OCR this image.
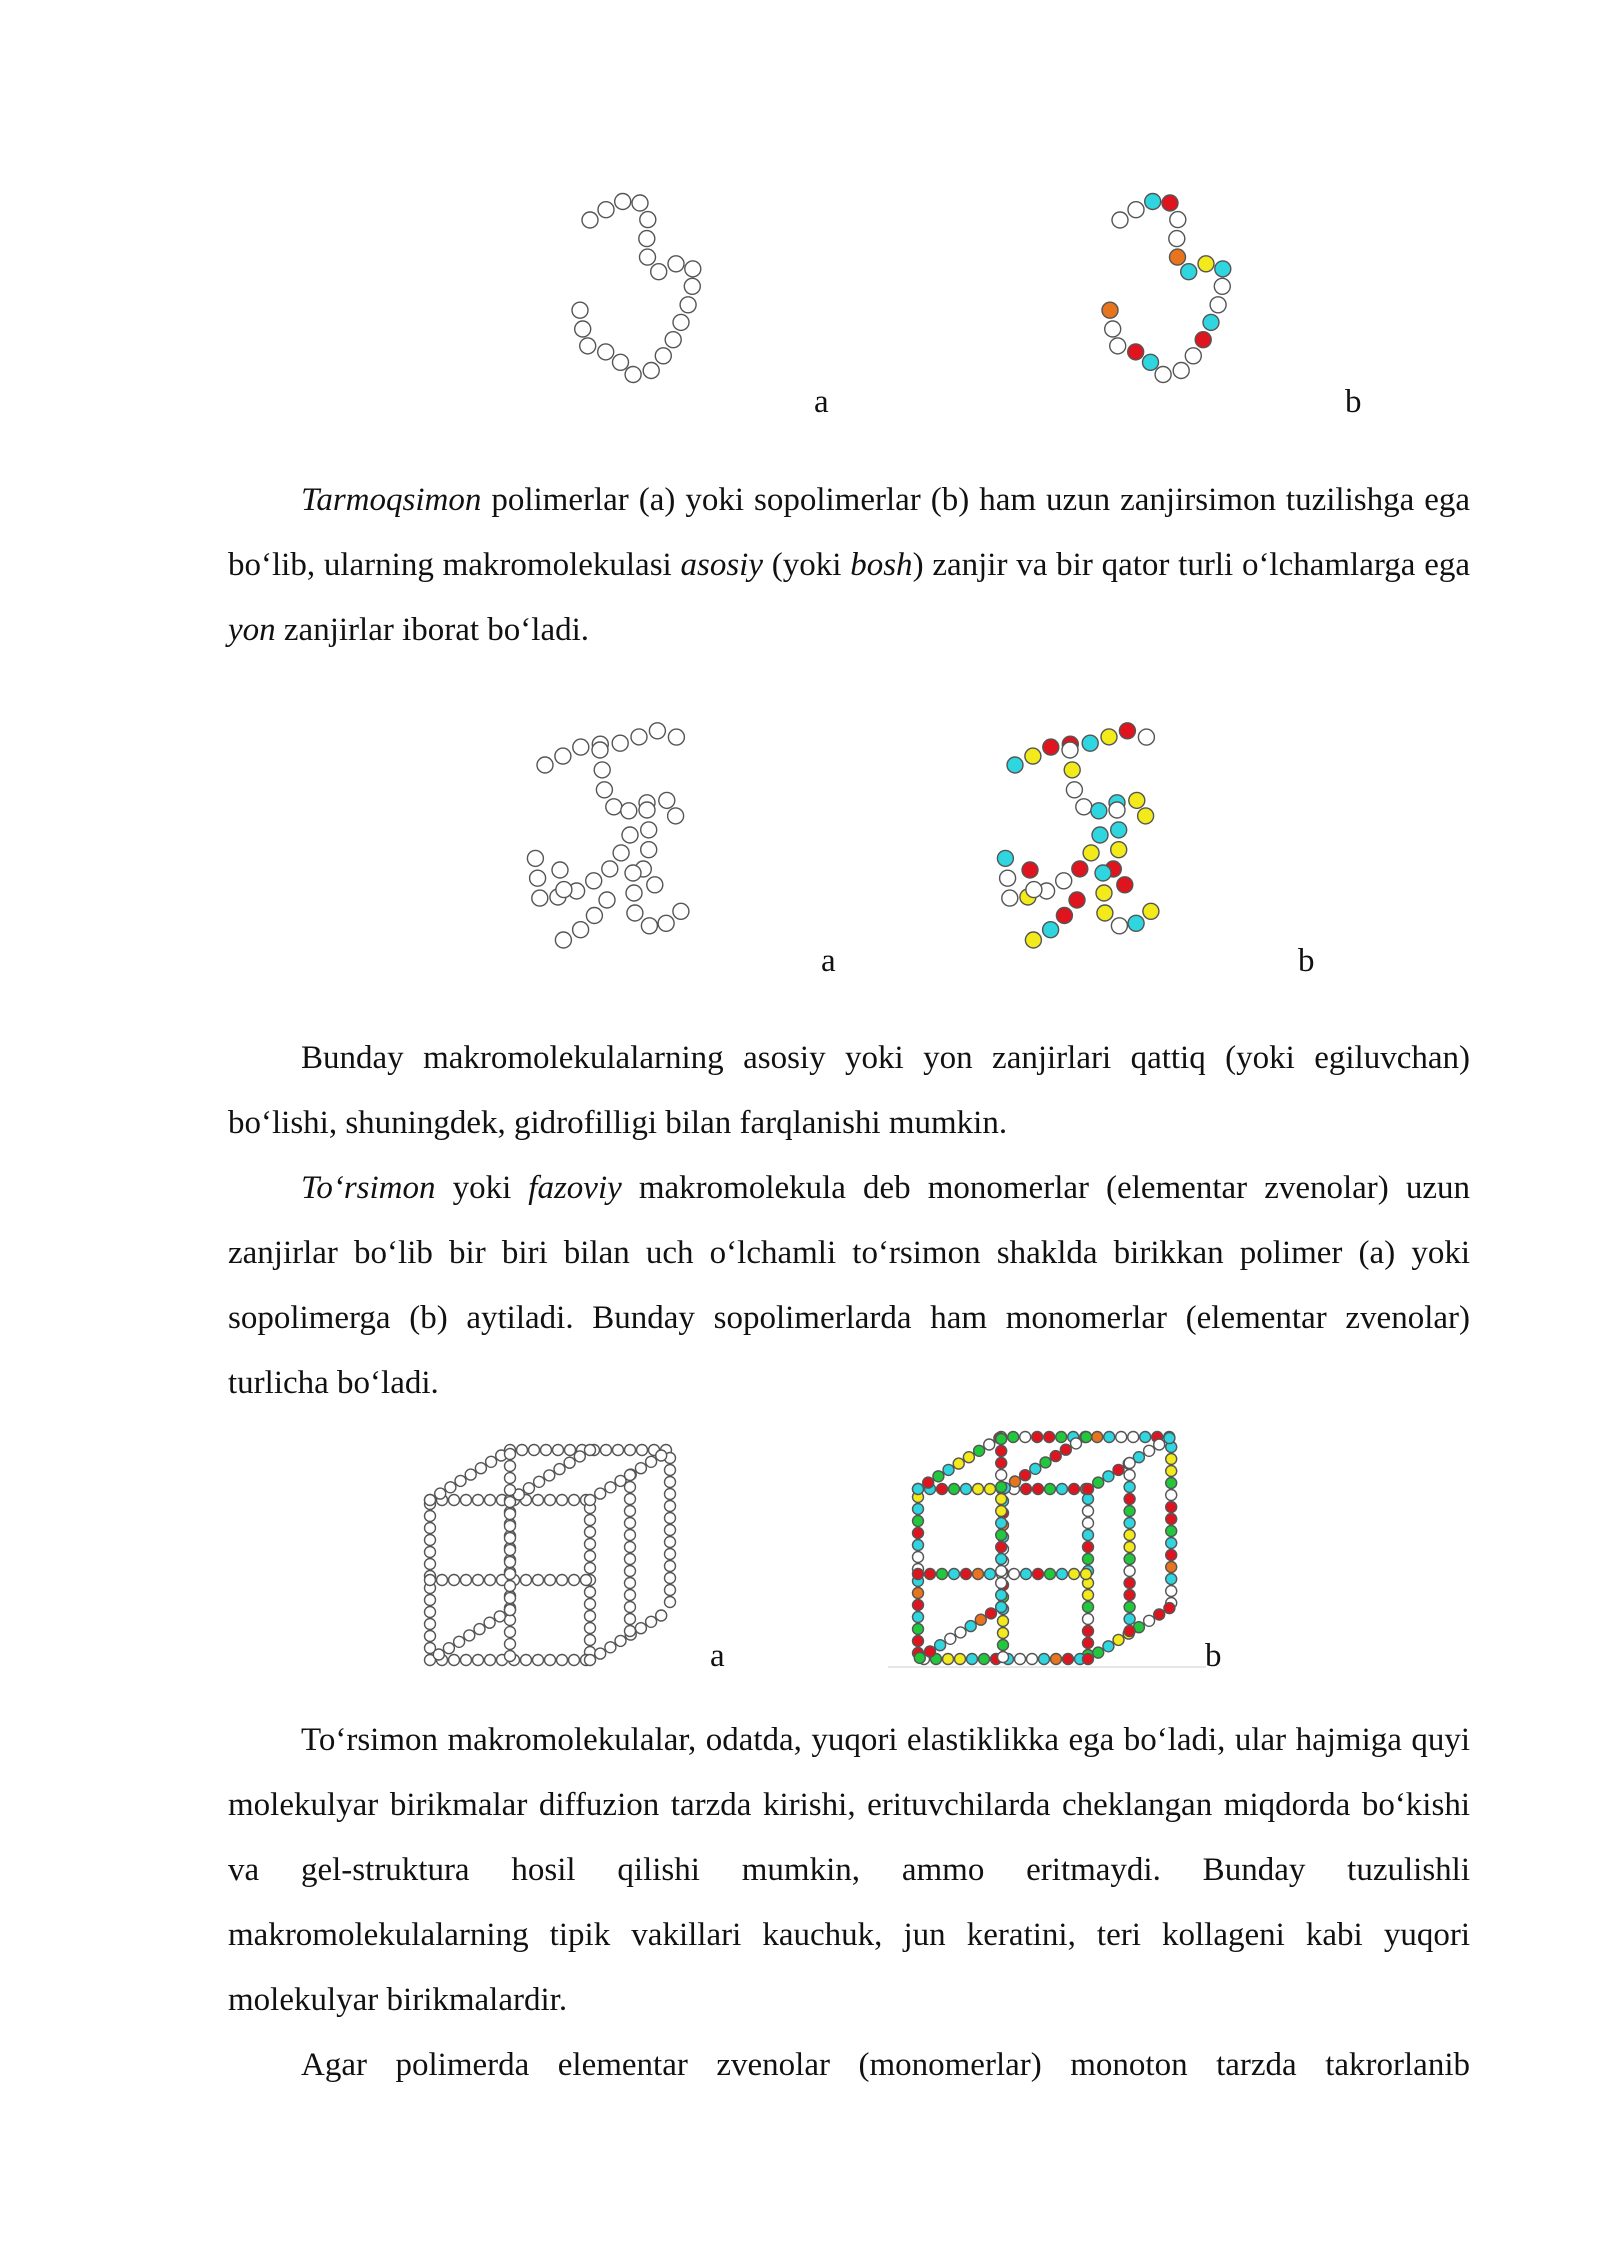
a	b

Tarmoqsimon polimerlar (a) yoki sopolimerlar (b) ham uzun zanjirsimon tuzilishga ega bo‘lib, ularning makromolekulasi asosiy (yoki bosh) zanjir va bir qator turli o‘lchamlarga ega yon zanjirlar iborat bo‘ladi.

a	b

Bunday makromolekulalarning asosiy yoki yon zanjirlari qattiq (yoki egiluvchan) bo‘lishi, shuningdek, gidrofilligi bilan farqlanishi mumkin.

To‘rsimon yoki fazoviy makromolekula deb monomerlar (elementar zvenolar) uzun zanjirlar bo‘lib bir biri bilan uch o‘lchamli to‘rsimon shaklda birikkan polimer (a) yoki sopolimerga (b) aytiladi. Bunday sopolimerlarda ham monomerlar (elementar zvenolar) turlicha bo‘ladi.

a	b

To‘rsimon makromolekulalar, odatda, yuqori elastiklikka ega bo‘ladi, ular hajmiga quyi molekulyar birikmalar diffuzion tarzda kirishi, erituvchilarda cheklangan miqdorda bo‘kishi va gel-struktura hosil qilishi mumkin, ammo eritmaydi. Bunday tuzulishli makromolekulalarning tipik vakillari kauchuk, jun keratini, teri kollageni kabi yuqori molekulyar birikmalardir.

Agar polimerda elementar zvenolar (monomerlar) monoton tarzda takrorlanib
